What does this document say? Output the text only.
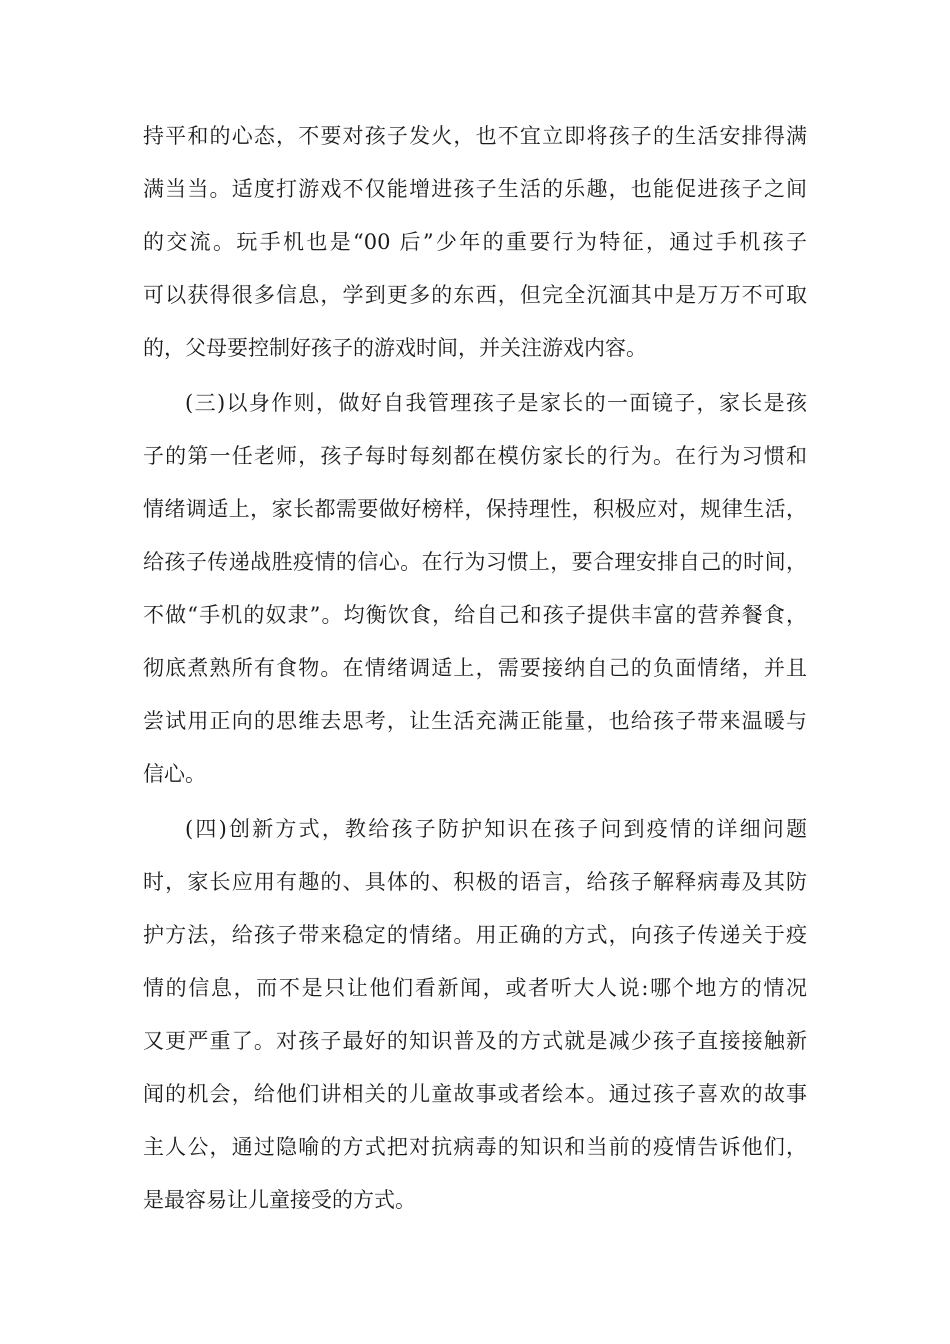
持平和的心态，不要对孩子发火，也不宜立即将孩子的生活安排得满
满当当。适度打游戏不仅能增进孩子生活的乐趣，也能促进孩子之间
的交流。玩手机也是“00 后”少年的重要行为特征，通过手机孩子
可以获得很多信息，学到更多的东西，但完全沉湎其中是万万不可取
的，父母要控制好孩子的游戏时间，并关注游戏内容。
(三)以身作则，做好自我管理孩子是家长的一面镜子，家长是孩
子的第一任老师，孩子每时每刻都在模仿家长的行为。在行为习惯和
情绪调适上，家长都需要做好榜样，保持理性，积极应对，规律生活，
给孩子传递战胜疫情的信心。在行为习惯上，要合理安排自己的时间，
不做“手机的奴隶”。均衡饮食，给自己和孩子提供丰富的营养餐食，
彻底煮熟所有食物。在情绪调适上，需要接纳自己的负面情绪，并且
尝试用正向的思维去思考，让生活充满正能量，也给孩子带来温暖与
信心。
(四)创新方式，教给孩子防护知识在孩子问到疫情的详细问题
时，家长应用有趣的、具体的、积极的语言，给孩子解释病毒及其防
护方法，给孩子带来稳定的情绪。用正确的方式，向孩子传递关于疫
情的信息，而不是只让他们看新闻，或者听大人说:哪个地方的情况
又更严重了。对孩子最好的知识普及的方式就是减少孩子直接接触新
闻的机会，给他们讲相关的儿童故事或者绘本。通过孩子喜欢的故事
主人公，通过隐喻的方式把对抗病毒的知识和当前的疫情告诉他们，
是最容易让儿童接受的方式。
